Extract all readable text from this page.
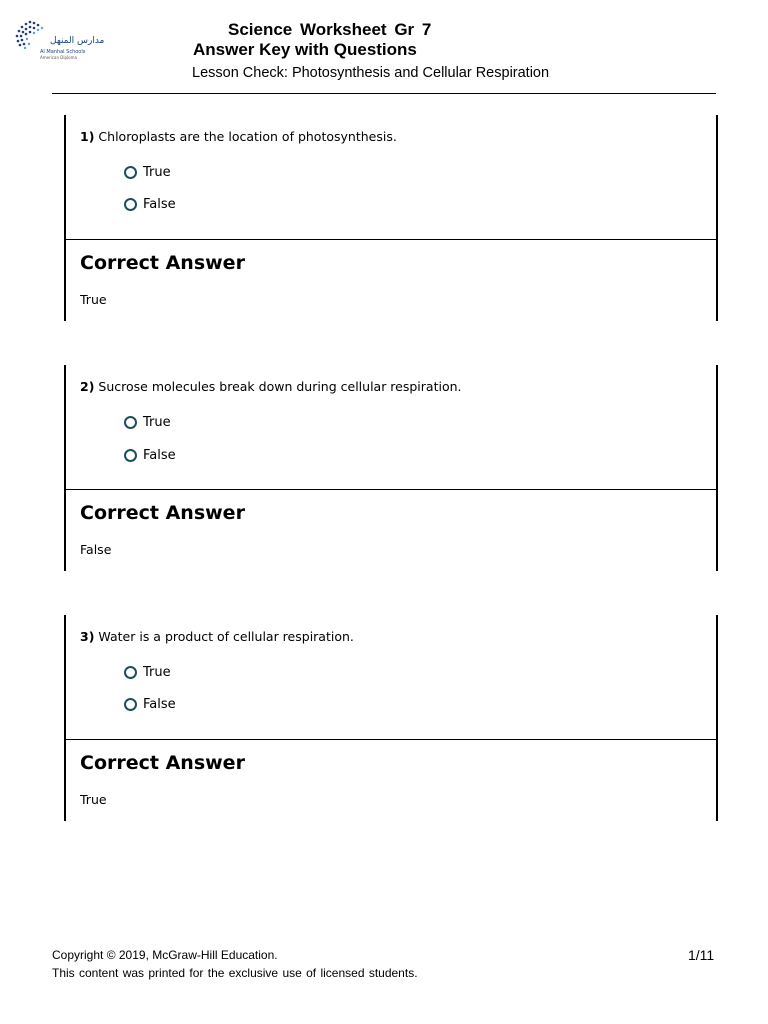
مدارس المنهل
Al Manhal Schools
American Diploma
Science Worksheet Gr 7
Answer Key with Questions
Lesson Check: Photosynthesis and Cellular Respiration
1) Chloroplasts are the location of photosynthesis.
True
False
Correct Answer
True
2) Sucrose molecules break down during cellular respiration.
True
False
Correct Answer
False
3) Water is a product of cellular respiration.
True
False
Correct Answer
True
Copyright © 2019, McGraw-Hill Education.
This content was printed for the exclusive use of licensed students.
1/11
